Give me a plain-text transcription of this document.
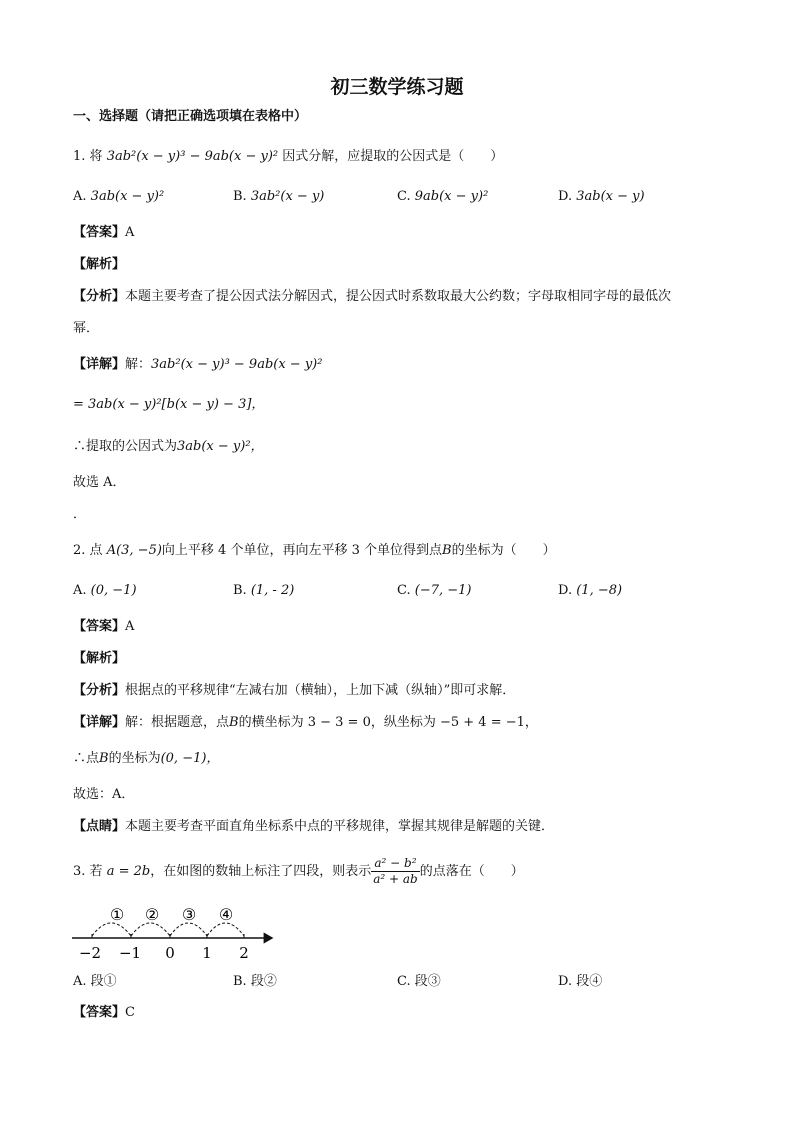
初三数学练习题
一、选择题（请把正确选项填在表格中）
1. 将 3ab²(x − y)³ − 9ab(x − y)² 因式分解，应提取的公因式是（　　）
A. 3ab(x − y)²	B. 3ab²(x − y)	C. 9ab(x − y)²	D. 3ab(x − y)
【答案】A
【解析】
【分析】本题主要考查了提公因式法分解因式，提公因式时系数取最大公约数；字母取相同字母的最低次
幂．
【详解】解：3ab²(x − y)³ − 9ab(x − y)²
= 3ab(x − y)²[b(x − y) − 3]，
∴提取的公因式为3ab(x − y)²，
故选 A．
．
2. 点 A(3, −5)向上平移 4 个单位，再向左平移 3 个单位得到点B的坐标为（　　）
A. (0, −1)	B. (1, - 2)	C. (−7, −1)	D. (1, −8)
【答案】A
【解析】
【分析】根据点的平移规律“左减右加（横轴），上加下减（纵轴）”即可求解．
【详解】解：根据题意，点B的横坐标为 3 − 3 = 0，纵坐标为 −5 + 4 = −1，
∴点B的坐标为(0, −1)，
故选：A．
【点睛】本题主要考查平面直角坐标系中点的平移规律，掌握其规律是解题的关键．
3. 若 a = 2b，在如图的数轴上标注了四段，则表示 $\frac{\text{a² − b²}}{\text{a² + ab}}$ 的点落在（　　）
① ② ③ ④
−2 −1 0 1 2
A. 段①	B. 段②	C. 段③	D. 段④
【答案】C
